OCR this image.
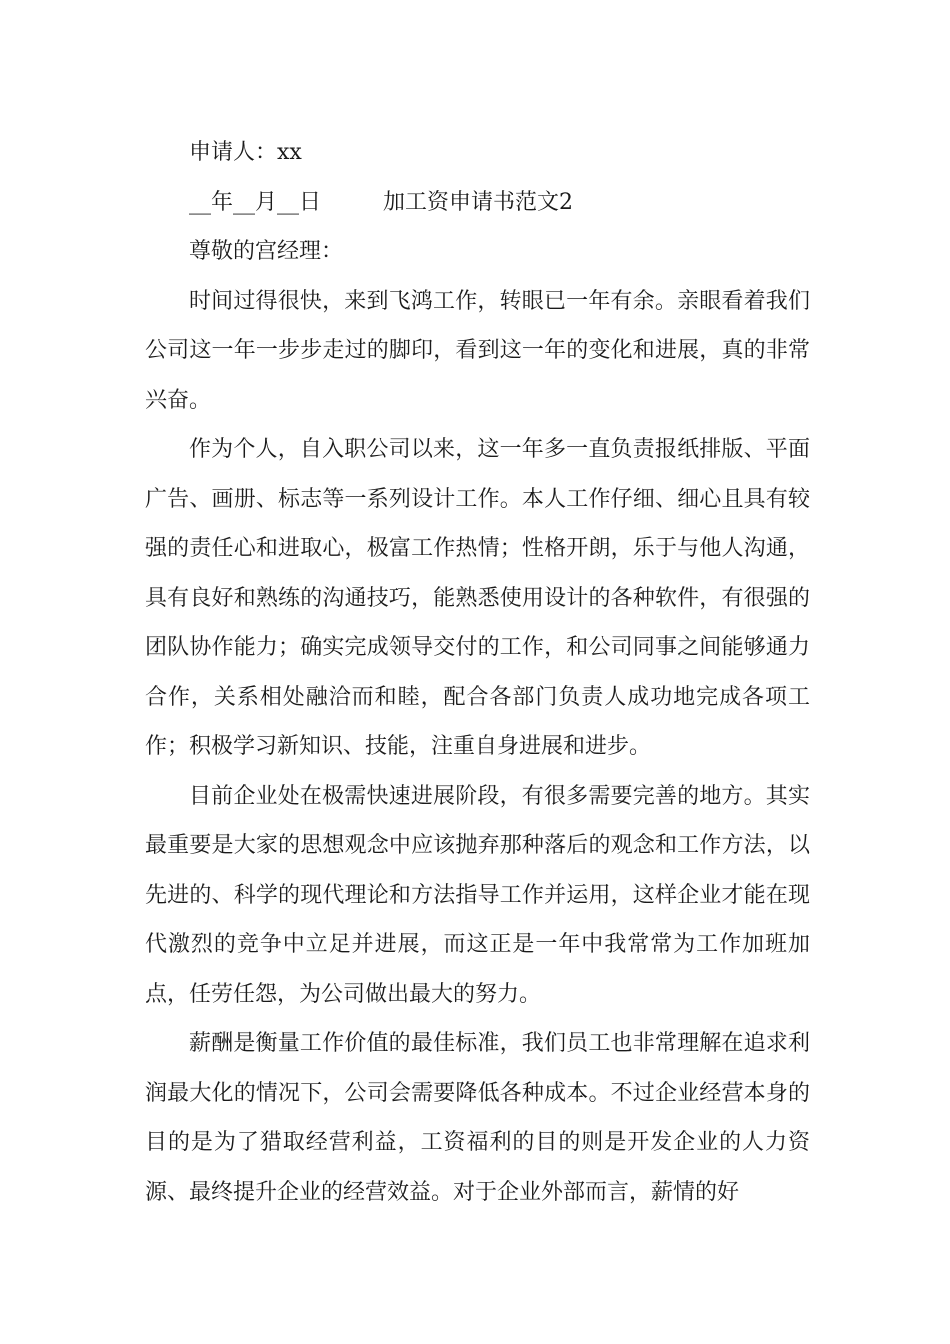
申请人：xx

__年__月__日	加工资申请书范文2

尊敬的宫经理：

时间过得很快，来到飞鸿工作，转眼已一年有余。亲眼看着我们公司这一年一步步走过的脚印，看到这一年的变化和进展，真的非常兴奋。

作为个人，自入职公司以来，这一年多一直负责报纸排版、平面广告、画册、标志等一系列设计工作。本人工作仔细、细心且具有较强的责任心和进取心，极富工作热情；性格开朗，乐于与他人沟通，具有良好和熟练的沟通技巧，能熟悉使用设计的各种软件，有很强的团队协作能力；确实完成领导交付的工作，和公司同事之间能够通力合作，关系相处融洽而和睦，配合各部门负责人成功地完成各项工作；积极学习新知识、技能，注重自身进展和进步。

目前企业处在极需快速进展阶段，有很多需要完善的地方。其实最重要是大家的思想观念中应该抛弃那种落后的观念和工作方法，以先进的、科学的现代理论和方法指导工作并运用，这样企业才能在现代激烈的竞争中立足并进展，而这正是一年中我常常为工作加班加点，任劳任怨，为公司做出最大的努力。

薪酬是衡量工作价值的最佳标准，我们员工也非常理解在追求利润最大化的情况下，公司会需要降低各种成本。不过企业经营本身的目的是为了猎取经营利益，工资福利的目的则是开发企业的人力资源、最终提升企业的经营效益。对于企业外部而言，薪情的好
